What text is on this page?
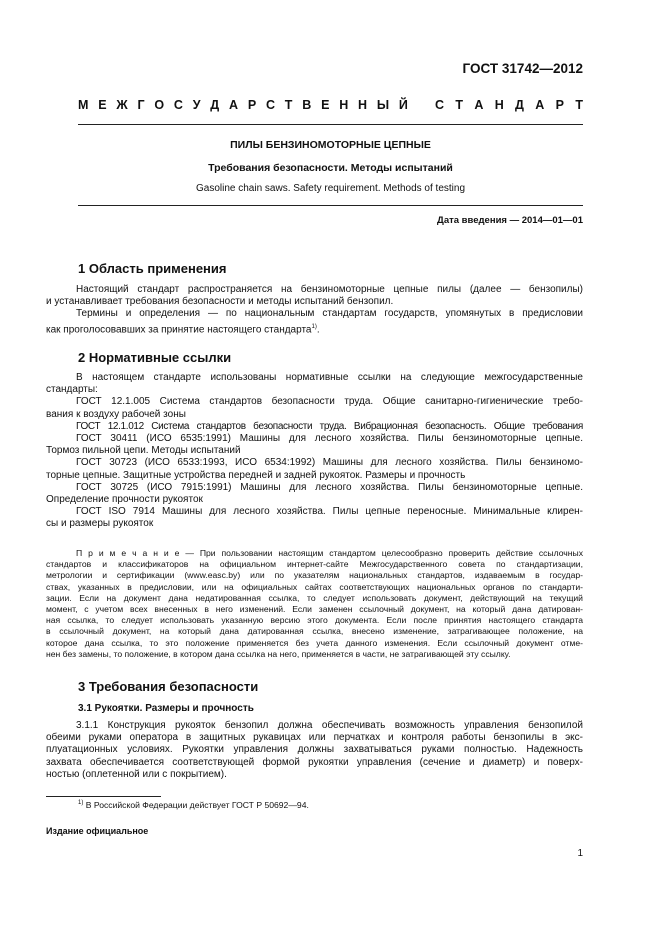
ГОСТ 31742—2012
М Е Ж Г О С У Д А Р С Т В Е Н Н Ы Й С Т А Н Д А Р Т
ПИЛЫ БЕНЗИНОМОТОРНЫЕ ЦЕПНЫЕ
Требования безопасности. Методы испытаний
Gasoline chain saws. Safety requirement. Methods of testing
Дата введения — 2014—01—01
1 Область применения
Настоящий стандарт распространяется на бензиномоторные цепные пилы (далее — бензопилы)
и устанавливает требования безопасности и методы испытаний бензопил.
Термины и определения — по национальным стандартам государств, упомянутых в предисловии
как проголосовавших за принятие настоящего стандарта$^{1)}$.
2 Нормативные ссылки
В настоящем стандарте использованы нормативные ссылки на следующие межгосударственные
стандарты:
ГОСТ 12.1.005 Система стандартов безопасности труда. Общие санитарно-гигиенические требо-
вания к воздуху рабочей зоны
ГОСТ 12.1.012 Система стандартов безопасности труда. Вибрационная безопасность. Общие требования
ГОСТ 30411 (ИСО 6535:1991) Машины для лесного хозяйства. Пилы бензиномоторные цепные.
Тормоз пильной цепи. Методы испытаний
ГОСТ 30723 (ИСО 6533:1993, ИСО 6534:1992) Машины для лесного хозяйства. Пилы бензиномо-
торные цепные. Защитные устройства передней и задней рукояток. Размеры и прочность
ГОСТ 30725 (ИСО 7915:1991) Машины для лесного хозяйства. Пилы бензиномоторные цепные.
Определение прочности рукояток
ГОСТ ISO 7914 Машины для лесного хозяйства. Пилы цепные переносные. Минимальные клирен-
сы и размеры рукояток
П р и м е ч а н и е — При пользовании настоящим стандартом целесообразно проверить действие ссылочных
стандартов и классификаторов на официальном интернет-сайте Межгосударственного совета по стандартизации,
метрологии и сертификации (www.easc.by) или по указателям национальных стандартов, издаваемым в государ-
ствах, указанных в предисловии, или на официальных сайтах соответствующих национальных органов по стандарти-
зации. Если на документ дана недатированная ссылка, то следует использовать документ, действующий на текущий
момент, с учетом всех внесенных в него изменений. Если заменен ссылочный документ, на который дана датирован-
ная ссылка, то следует использовать указанную версию этого документа. Если после принятия настоящего стандарта
в ссылочный документ, на который дана датированная ссылка, внесено изменение, затрагивающее положение, на
которое дана ссылка, то это положение применяется без учета данного изменения. Если ссылочный документ отме-
нен без замены, то положение, в котором дана ссылка на него, применяется в части, не затрагивающей эту ссылку.
3 Требования безопасности
3.1 Рукоятки. Размеры и прочность
3.1.1 Конструкция рукояток бензопил должна обеспечивать возможность управления бензопилой
обеими руками оператора в защитных рукавицах или перчатках и контроля работы бензопилы в экс-
плуатационных условиях. Рукоятки управления должны захватываться руками полностью. Надежность
захвата обеспечивается соответствующей формой рукоятки управления (сечение и диаметр) и поверх-
ностью (оплетенной или с покрытием).
$^{1)}$ В Российской Федерации действует ГОСТ Р 50692—94.
Издание официальное
1
